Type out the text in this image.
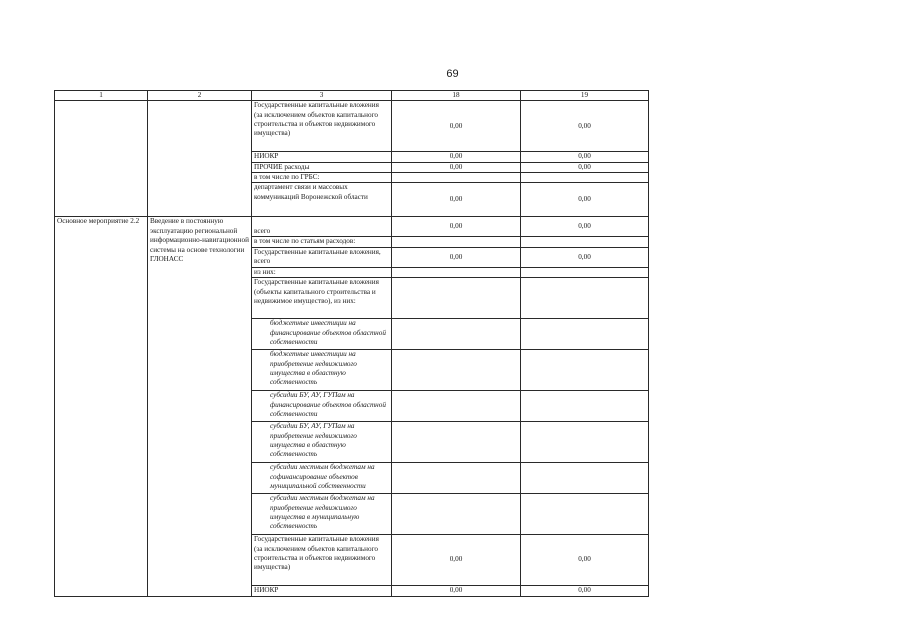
69
1	2	3	18	19
		Государственные капитальные вложения (за исключением объектов капитального строительства и объектов недвижимого имущества)	0,00	0,00
		НИОКР	0,00	0,00
		ПРОЧИЕ расходы	0,00	0,00
		в том числе по ГРБС:		
		департамент связи и массовых коммуникаций Воронежской области	0,00	0,00
Основное мероприятие 2.2	Введение в постоянную эксплуатацию региональной информационно-навигационной системы на основе технологии ГЛОНАСС	всего	0,00	0,00
		в том числе по статьям расходов:		
		Государственные капитальные вложения, всего	0,00	0,00
		из них:		
		Государственные капитальные вложения (объекты капитального строительства и недвижимое имущество), из них:		
		бюджетные инвестиции на финансирование объектов областной собственности		
		бюджетные инвестиции на приобретение недвижимого имущества в областную собственность		
		субсидии БУ, АУ, ГУПам на финансирование объектов областной собственности		
		субсидии БУ, АУ, ГУПам на приобретение недвижимого имущества в областную собственность		
		субсидии местным бюджетам на софинансирование объектов муниципальной собственности		
		субсидии местным бюджетам на приобретение недвижимого имущества в муниципальную собственность		
		Государственные капитальные вложения (за исключением объектов капитального строительства и объектов недвижимого имущества)	0,00	0,00
		НИОКР	0,00	0,00
